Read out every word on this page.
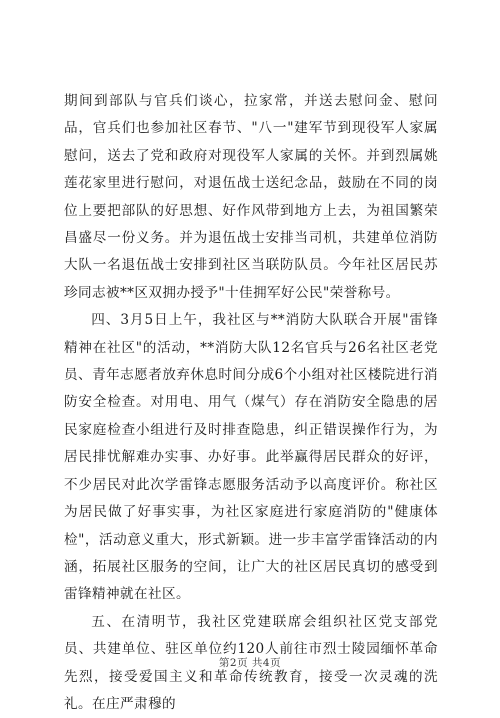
期间到部队与官兵们谈心，拉家常，并送去慰问金、慰问品，官兵们也参加社区春节、"八一"建军节到现役军人家属慰问，送去了党和政府对现役军人家属的关怀。并到烈属姚莲花家里进行慰问，对退伍战士送纪念品，鼓励在不同的岗位上要把部队的好思想、好作风带到地方上去，为祖国繁荣昌盛尽一份义务。并为退伍战士安排当司机，共建单位消防大队一名退伍战士安排到社区当联防队员。今年社区居民苏珍同志被**区双拥办授予"十佳拥军好公民"荣誉称号。

四、3月5日上午，我社区与**消防大队联合开展"雷锋精神在社区"的活动，**消防大队12名官兵与26名社区老党员、青年志愿者放弃休息时间分成6个小组对社区楼院进行消防安全检查。对用电、用气（煤气）存在消防安全隐患的居民家庭检查小组进行及时排查隐患，纠正错误操作行为，为居民排忧解难办实事、办好事。此举赢得居民群众的好评，不少居民对此次学雷锋志愿服务活动予以高度评价。称社区为居民做了好事实事，为社区家庭进行家庭消防的"健康体检"，活动意义重大，形式新颖。进一步丰富学雷锋活动的内涵，拓展社区服务的空间，让广大的社区居民真切的感受到雷锋精神就在社区。

五、在清明节，我社区党建联席会组织社区党支部党员、共建单位、驻区单位约120人前往市烈士陵园缅怀革命先烈，接受爱国主义和革命传统教育，接受一次灵魂的洗礼。在庄严肃穆的

第2页 共4页
